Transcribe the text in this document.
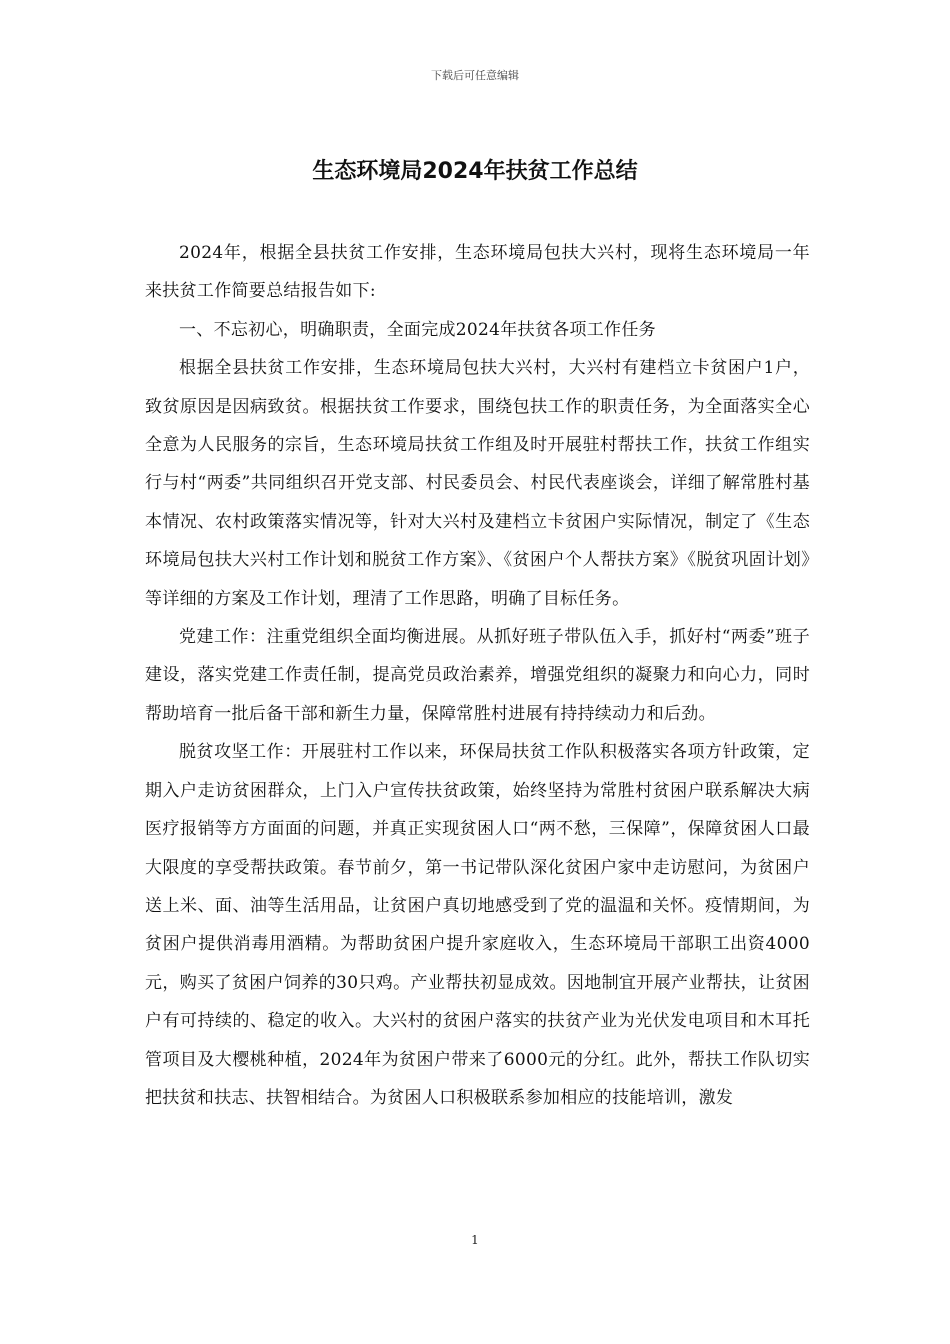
下载后可任意编辑
生态环境局2024年扶贫工作总结

2024年，根据全县扶贫工作安排，生态环境局包扶大兴村，现将生态环境局一年来扶贫工作简要总结报告如下:

一、不忘初心，明确职责，全面完成2024年扶贫各项工作任务

根据全县扶贫工作安排，生态环境局包扶大兴村，大兴村有建档立卡贫困户1户，致贫原因是因病致贫。根据扶贫工作要求，围绕包扶工作的职责任务，为全面落实全心全意为人民服务的宗旨，生态环境局扶贫工作组及时开展驻村帮扶工作，扶贫工作组实行与村“两委”共同组织召开党支部、村民委员会、村民代表座谈会，详细了解常胜村基本情况、农村政策落实情况等，针对大兴村及建档立卡贫困户实际情况，制定了《生态环境局包扶大兴村工作计划和脱贫工作方案》、《贫困户个人帮扶方案》《脱贫巩固计划》等详细的方案及工作计划，理清了工作思路，明确了目标任务。

党建工作：注重党组织全面均衡进展。从抓好班子带队伍入手，抓好村“两委”班子建设，落实党建工作责任制，提高党员政治素养，增强党组织的凝聚力和向心力，同时帮助培育一批后备干部和新生力量，保障常胜村进展有持持续动力和后劲。

脱贫攻坚工作：开展驻村工作以来，环保局扶贫工作队积极落实各项方针政策，定期入户走访贫困群众，上门入户宣传扶贫政策，始终坚持为常胜村贫困户联系解决大病医疗报销等方方面面的问题，并真正实现贫困人口“两不愁，三保障”，保障贫困人口最大限度的享受帮扶政策。春节前夕，第一书记带队深化贫困户家中走访慰问，为贫困户送上米、面、油等生活用品，让贫困户真切地感受到了党的温温和关怀。疫情期间，为贫困户提供消毒用酒精。为帮助贫困户提升家庭收入，生态环境局干部职工出资4000元，购买了贫困户饲养的30只鸡。产业帮扶初显成效。因地制宜开展产业帮扶，让贫困户有可持续的、稳定的收入。大兴村的贫困户落实的扶贫产业为光伏发电项目和木耳托管项目及大樱桃种植，2024年为贫困户带来了6000元的分红。此外，帮扶工作队切实把扶贫和扶志、扶智相结合。为贫困人口积极联系参加相应的技能培训，激发

1
